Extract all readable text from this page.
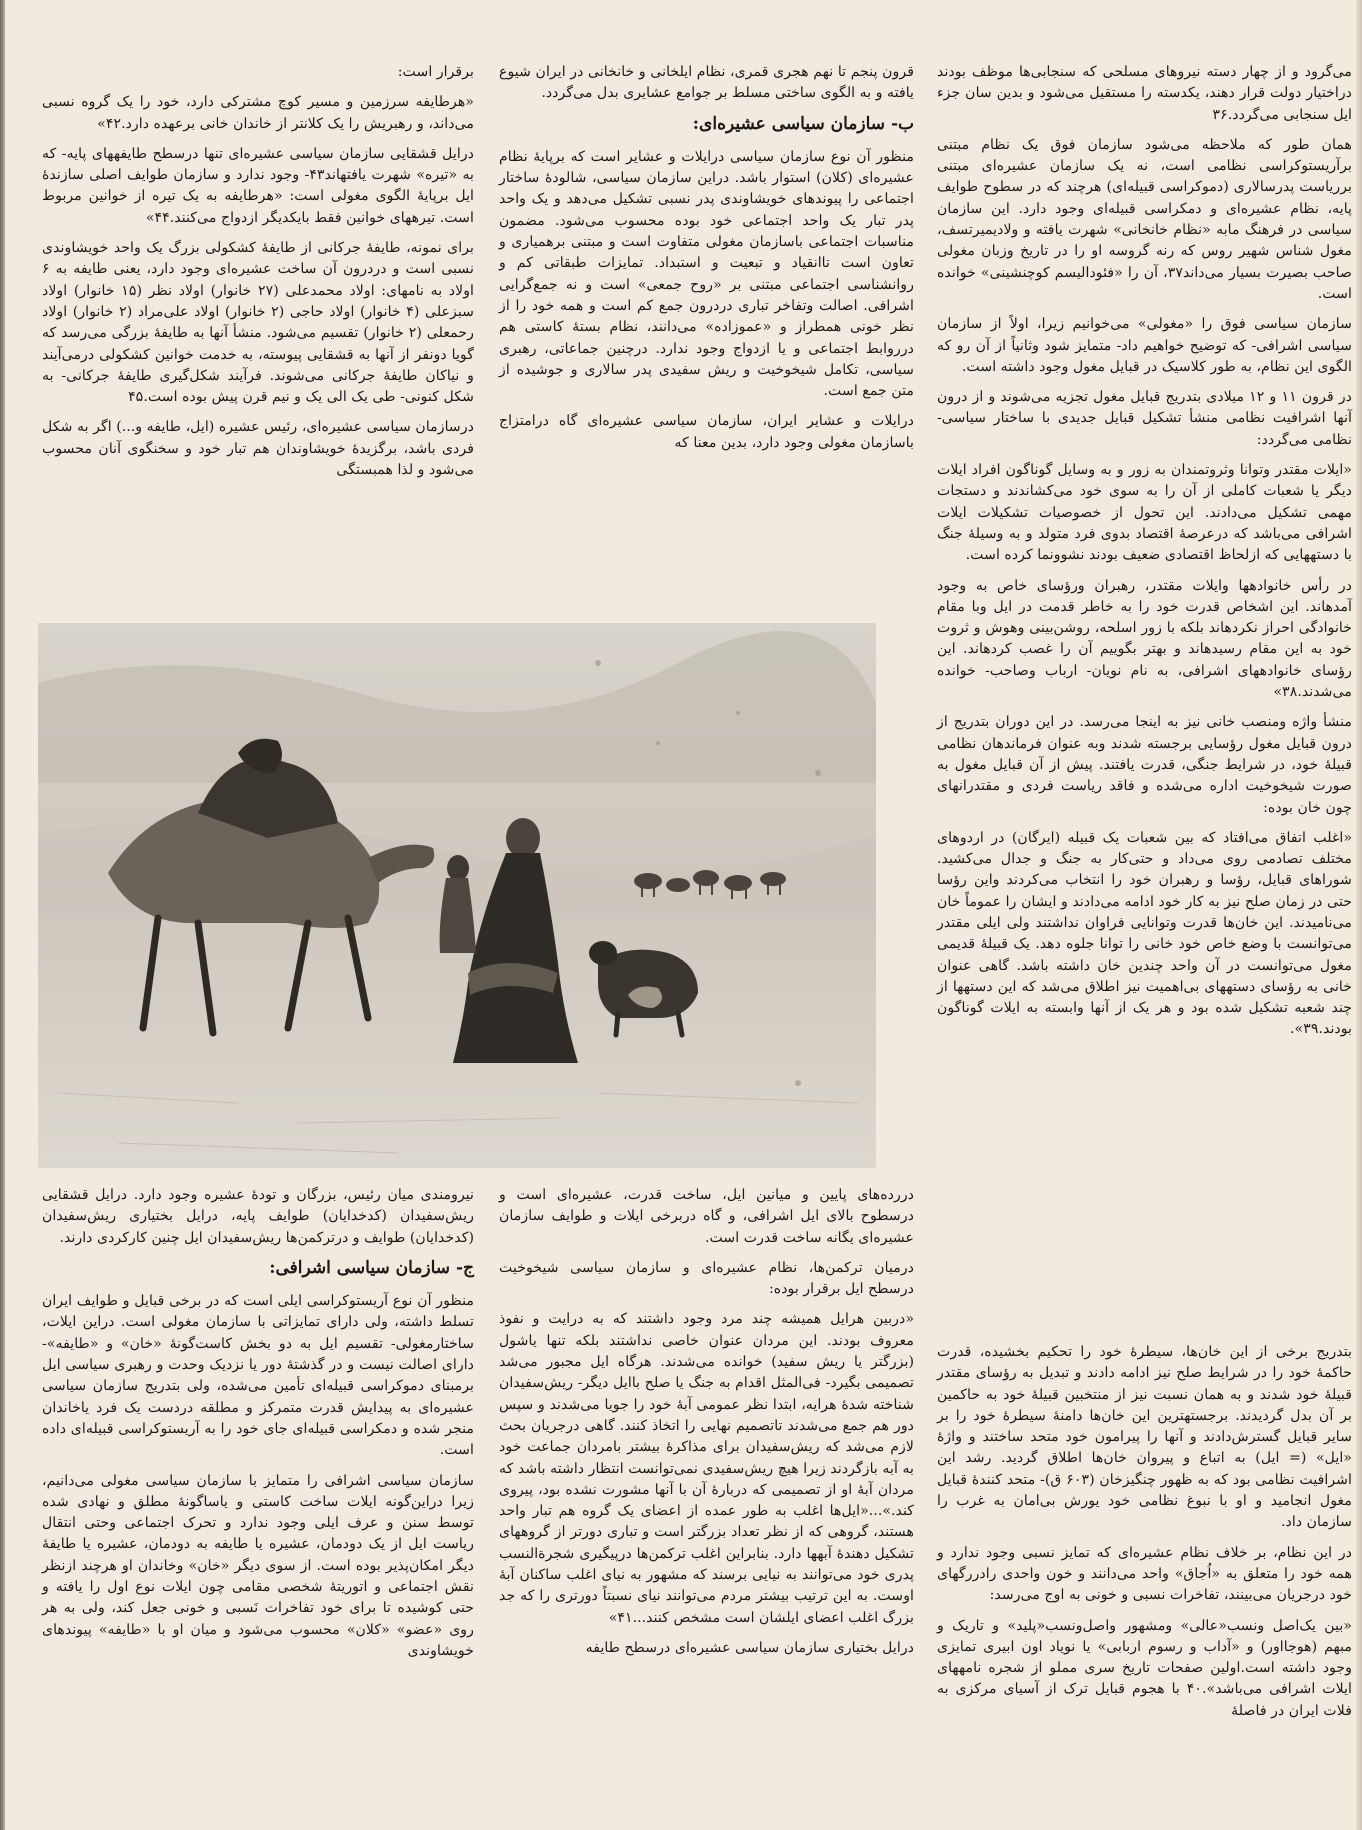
می‌گرود و از چهار دسته نیروهای مسلحی که سنجابی‌ها موظف بودند دراختیار دولت قرار دهند، یکدسته را مستقیل می‌شود و بدین سان جزء ایل سنجابی می‌گردد.۳۶

همان طور که ملاحظه می‌شود سازمان فوق یک نظام مبتنی برآریستوکراسی نظامی است، نه یک سازمان عشیره‌ای مبتنی برریاست پدرسالاری (دموکراسی قبیله‌ای) هرچند که در سطوح طوایف پایه، نظام عشیره‌ای و دمکراسی قبیله‌ای وجود دارد. این سازمان سیاسی در فرهنگ مابه «نظام خانخانی» شهرت یافته و ولادیمیرتسف، مغول شناس شهیر روس که رنه گروسه او را در تاریخ وزبان مغولی صاحب بصیرت بسیار می‌داند۳۷، آن را «فئودالیسم کوچنشینی» خوانده است.

سازمان سیاسی فوق را «مغولی» می‌خوانیم زیرا، اولاً از سازمان سیاسی اشرافی- که توضیح خواهیم داد- متمایز شود وثانیاً از آن رو که الگوی این نظام، به طور کلاسیک در قبایل مغول وجود داشته است.

در قرون ۱۱ و ۱۲ میلادی بتدریج قبایل مغول تجزیه می‌شوند و از درون آنها اشرافیت نظامی منشأ تشکیل قبایل جدیدی با ساختار سیاسی- نظامی می‌گردد:

«ایلات مقتدر وتوانا وثروتمندان به زور و به وسایل گوناگون افراد ایلات دیگر یا شعبات کاملی از آن را به سوی خود می‌کشاندند و دستجات مهمی تشکیل می‌دادند. این تحول از خصوصیات تشکیلات ایلات اشرافی می‌باشد که درعرصهٔ اقتصاد بدوی فرد متولد و به وسیلهٔ جنگ با دستههایی که ازلحاظ اقتصادی ضعیف بودند نشوونما کرده است.

در رأس خانوادهها وایلات مقتدر، رهبران ورؤسای خاص به وجود آمدهاند. این اشخاص قدرت خود را به خاطر قدمت در ایل وبا مقام خانوادگی احراز نکردهاند بلکه با زور اسلحه، روشن‌بینی وهوش و ثروت خود به این مقام رسیدهاند و بهتر بگوییم آن را غصب کردهاند. این رؤسای خانوادههای اشرافی، به نام نویان- ارباب وصاحب- خوانده می‌شدند.۳۸»

منشأ واژه ومنصب خانی نیز به اینجا می‌رسد. در این دوران بتدریج از درون قبایل مغول رؤسایی برجسته شدند وبه عنوان فرماندهان نظامی قبیلهٔ خود، در شرایط جنگی، قدرت یافتند. پیش از آن قبایل مغول به صورت شیخوخیت اداره می‌شده و فاقد ریاست فردی و مقتدرانهای چون خان بوده:

«اغلب اتفاق می‌افتاد که بین شعبات یک قبیله (ایرگان) در اردوهای مختلف تصادمی روی می‌داد و حتی‌کار به جنگ و جدال می‌کشید. شوراهای قبایل، رؤسا و رهبران خود را انتخاب می‌کردند واین رؤسا حتی در زمان صلح نیز به کار خود ادامه می‌دادند و ایشان را عموماً خان می‌نامیدند. این خان‌ها قدرت وتوانایی فراوان نداشتند ولی ایلی مقتدر می‌توانست با وضع خاص خود خانی را توانا جلوه دهد. یک قبیلهٔ قدیمی مغول می‌توانست در آن واحد چندین خان داشته باشد. گاهی عنوان خانی به رؤسای دستههای بی‌اهمیت نیز اطلاق می‌شد که این دستهها از چند شعبه تشکیل شده بود و هر یک از آنها وابسته به ایلات گوناگون بودند.۳۹».

بتدریج برخی از این خان‌ها، سیطرهٔ خود را تحکیم بخشیده، قدرت حاکمهٔ خود را در شرایط صلح نیز ادامه دادند و تبدیل به رؤسای مقتدر قبیلهٔ خود شدند و به همان نسبت نیز از منتخبین قبیلهٔ خود به حاکمین بر آن بدل گردیدند. برجستهترین این خان‌ها دامنهٔ سیطرهٔ خود را بر سایر قبایل گسترش‌دادند و آنها را پیرامون خود متحد ساختند و واژهٔ «ایل» (= ایل) به اتباع و پیروان خان‌ها اطلاق گردید. رشد این اشرافیت نظامی بود که به ظهور چنگیزخان (۶۰۳ ق)- متحد کنندهٔ قبایل مغول انجامید و او با نبوغ نظامی خود یورش بی‌امان به غرب را سازمان داد.

در این نظام، بر خلاف نظام عشیره‌ای که تمایز نسبی وجود ندارد و همه خود را متعلق به «اُجاق» واحد می‌دانند و خون واحدی رادررگهای خود درجریان می‌بینند، تفاخرات نسبی و خونی به اوج می‌رسد:

«بین یک‌اصل ونسب«عالی» ومشهور واصل‌ونسب«پلید» و تاریک و مبهم (هوجااور) و «آداب و رسوم اربابی» یا نویاد اون ابیری تمایزی وجود داشته است.اولین صفحات تاریخ سری مملو از شجره نامههای ایلات اشرافی می‌باشد».۴۰ با هجوم قبایل ترک از آسیای مرکزی به فلات ایران در فاصلهٔ

قرون پنجم تا نهم هجری قمری، نظام ایلخانی و خانخانی در ایران شیوع یافته و به الگوی ساختی مسلط بر جوامع عشایری بدل می‌گردد.

ب- سازمان سیاسی عشیره‌ای:

منظور آن نوع سازمان سیاسی درایلات و عشایر است که برپایهٔ نظام عشیره‌ای (کلان) استوار باشد. دراین سازمان سیاسی، شالودهٔ ساختار اجتماعی را پیوندهای خویشاوندی پدر نسبی تشکیل می‌دهد و یک واحد پدر تبار یک واحد اجتماعی خود بوده محسوب می‌شود. مضمون مناسبات اجتماعی باسازمان مغولی متفاوت است و مبتنی برهمیاری و تعاون است تاانقیاد و تبعیت و استبداد. تمایزات طبقاتی کم و روانشناسی اجتماعی مبتنی بر «روح جمعی» است و نه جمع‌گرایی اشرافی. اصالت وتفاخر تباری دردرون جمع کم است و همه خود را از نظر خونی همطراز و «عموزاده» می‌دانند، نظام بستهٔ کاستی هم درروابط اجتماعی و یا ازدواج وجود ندارد. درچنین جماعاتی، رهبری سیاسی، تکامل شیخوخیت و ریش سفیدی پدر سالاری و جوشیده از متن جمع است.

درایلات و عشایر ایران، سازمان سیاسی عشیره‌ای گاه درامتزاج باسازمان مغولی وجود دارد، بدین معنا که

دررده‌های پایین و میانین ایل، ساخت قدرت، عشیره‌ای است و درسطوح بالای ایل اشرافی، و گاه دربرخی ایلات و طوایف سازمان عشیره‌ای یگانه ساخت قدرت است.

درمیان ترکمن‌ها، نظام عشیره‌ای و سازمان سیاسی شیخوخیت درسطح ایل برقرار بوده:

«دربین هرایل همیشه چند مرد وجود داشتند که به درایت و نفوذ معروف بودند. این مردان عنوان خاصی نداشتند بلکه تنها یاشول (بزرگتر یا ریش سفید) خوانده می‌شدند. هرگاه ایل مجبور می‌شد تصمیمی بگیرد- فی‌المثل اقدام به جنگ یا صلح باایل دیگر- ریش‌سفیدان شناخته شدهٔ هرایه، ابتدا نظر عمومی آبهٔ خود را جویا می‌شدند و سپس دور هم جمع می‌شدند تاتصمیم نهایی را اتخاذ کنند. گاهی درجریان بحث لازم می‌شد که ریش‌سفیدان برای مذاکرهٔ بیشتر بامردان جماعت خود به آبه بازگردند زیرا هیچ ریش‌سفیدی نمی‌توانست انتظار داشته باشد که مردان آبهٔ او از تصمیمی که دربارهٔ آن با آنها مشورت نشده بود، پیروی کند.»...«ایل‌ها اغلب به طور عمده از اعضای یک گروه هم تبار واحد هستند، گروهی که از نظر تعداد بزرگتر است و تباری دورتر از گروههای تشکیل دهندهٔ آبهها دارد. بنابراین اغلب ترکمن‌ها درپیگیری شجرةالنسب پدری خود می‌توانند به نیایی برسند که مشهور به نیای اغلب ساکنان آبهٔ اوست. به این ترتیب بیشتر مردم می‌توانند نیای نسبتاً دورتری را که جد بزرگ اغلب اعضای ایلشان است مشخص کنند...۴۱»

درایل بختیاری سازمان سیاسی عشیره‌ای درسطح طایفه

برقرار است:

«هرطایفه سرزمین و مسیر کوچ مشترکی دارد، خود را یک گروه نسبی می‌داند، و رهبریش را یک کلانتر از خاندان خانی برعهده دارد.۴۲»

درایل قشقایی سازمان سیاسی عشیره‌ای تنها درسطح طایفههای پایه- که به «تیره» شهرت یافتهاند۴۳- وجود ندارد و سازمان طوایف اصلی سازندهٔ ایل برپایهٔ الگوی مغولی است: «هرطایفه به یک تیره از خوانین مربوط است. تیرههای خوانین فقط بایکدیگر ازدواج می‌کنند.۴۴»

برای نمونه، طایفهٔ جرکانی از طایفهٔ کشکولی بزرگ یک واحد خویشاوندی نسبی است و دردرون آن ساخت عشیره‌ای وجود دارد، یعنی طایفه به ۶ اولاد به نامهای: اولاد محمدعلی (۲۷ خانوار) اولاد نظر (۱۵ خانوار) اولاد سبزعلی (۴ خانوار) اولاد حاجی (۲ خانوار) اولاد علی‌مراد (۲ خانوار) اولاد رحمعلی (۲ خانوار) تقسیم می‌شود. منشأ آنها به طایفهٔ بزرگی می‌رسد که گویا دونفر از آنها به قشقایی پیوسته، به خدمت خوانین کشکولی درمی‌آیند و نیاکان طایفهٔ جرکانی می‌شوند. فرآیند شکل‌گیری طایفهٔ جرکانی- به شکل کنونی- طی یک الی یک و نیم قرن پیش بوده است.۴۵

درسازمان سیاسی عشیره‌ای، رئیس عشیره (ایل، طایفه و...) اگر به شکل فردی باشد، برگزیدهٔ خویشاوندان هم تبار خود و سخنگوی آنان محسوب می‌شود و لذا همبستگی

نیرومندی میان رئیس، بزرگان و تودهٔ عشیره وجود دارد. درایل قشقایی ریش‌سفیدان (کدخدایان) طوایف پایه، درایل بختیاری ریش‌سفیدان (کدخدایان) طوایف و درترکمن‌ها ریش‌سفیدان ایل چنین کارکردی دارند.

ج- سازمان سیاسی اشرافی:

منظور آن نوع آریستوکراسی ایلی است که در برخی قبایل و طوایف ایران تسلط داشته، ولی دارای تمایزاتی با سازمان مغولی است. دراین ایلات، ساختارمغولی- تقسیم ایل به دو بخش کاست‌گونهٔ «خان» و «طایفه»- دارای اصالت نیست و در گذشتهٔ دور یا نزدیک وحدت و رهبری سیاسی ایل برمبنای دموکراسی قبیله‌ای تأمین می‌شده، ولی بتدریج سازمان سیاسی عشیره‌ای به پیدایش قدرت متمرکز و مطلقه دردست یک فرد یاخاندان منجر شده و دمکراسی قبیله‌ای جای خود را به آریستوکراسی قبیله‌ای داده است.

سازمان سیاسی اشرافی را متمایز با سازمان سیاسی مغولی می‌دانیم، زیرا دراین‌گونه ایلات ساخت کاستی و یاساگونهٔ مطلق و نهادی شده توسط سنن و عرف ایلی وجود ندارد و تحرک اجتماعی وحتی انتقال ریاست ایل از یک دودمان، عشیره یا طایفه به دودمان، عشیره یا طایفهٔ دیگر امکان‌پذیر بوده است. از سوی دیگر «خان» وخاندان او هرچند ازنظر نقش اجتماعی و اتوریتهٔ شخصی مقامی چون ایلات نوع اول را یافته و حتی کوشیده تا برای خود تفاخرات نَسبی و خونی جعل کند، ولی به هر روی «عضو» «کلان» محسوب می‌شود و میان او با «طایفه» پیوندهای خویشاوندی
